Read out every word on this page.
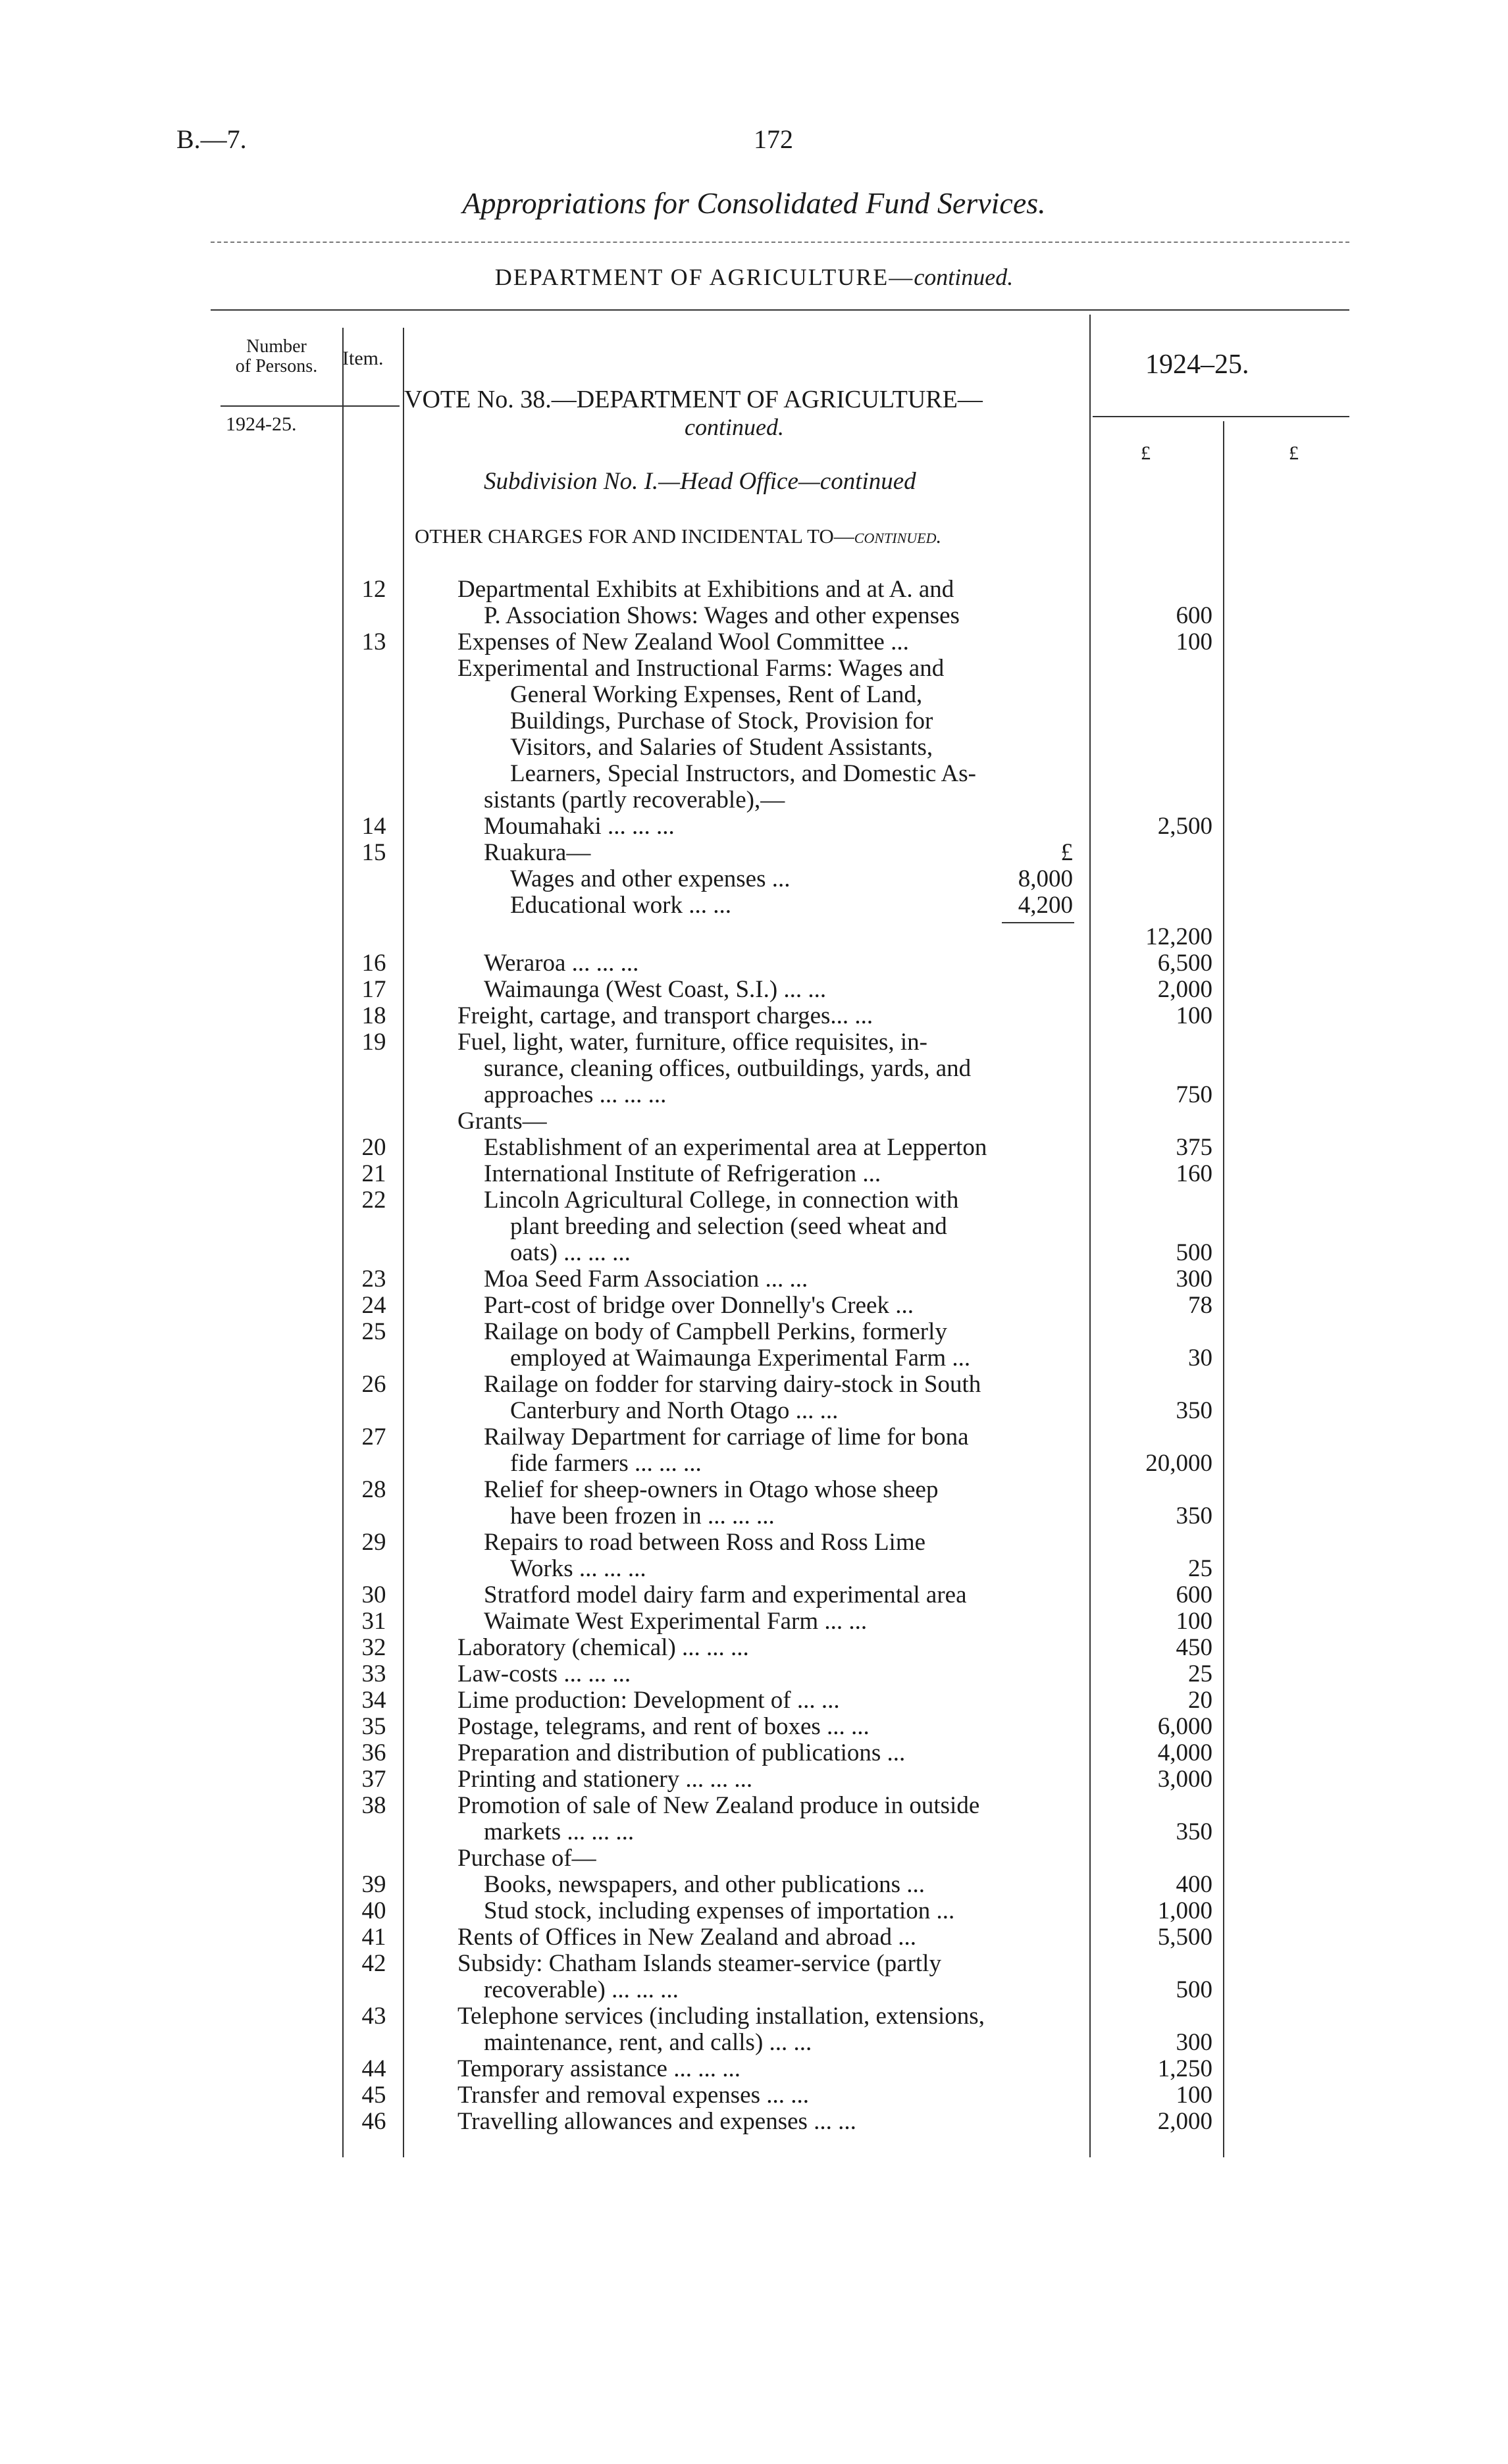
B.—7.	172
Appropriations for Consolidated Fund Services.
DEPARTMENT OF AGRICULTURE—continued.
Number
of Persons.	Item.	1924–25.
1924-25.
£	£
VOTE No. 38.—DEPARTMENT OF AGRICULTURE—
continued.
Subdivision No. I.—Head Office—continued
OTHER CHARGES FOR AND INCIDENTAL TO—continued.
12	Departmental Exhibits at Exhibitions and at A. and
P. Association Shows: Wages and other expenses	600
13	Expenses of New Zealand Wool Committee ...	100
Experimental and Instructional Farms: Wages and
General Working Expenses, Rent of Land,
Buildings, Purchase of Stock, Provision for
Visitors, and Salaries of Student Assistants,
Learners, Special Instructors, and Domestic As-
sistants (partly recoverable),—
14	Moumahaki ... ... ...	2,500
15	Ruakura—	£
Wages and other expenses ...	8,000
Educational work ... ...	4,200
12,200
16	Weraroa ... ... ...	6,500
17	Waimaunga (West Coast, S.I.) ... ...	2,000
18	Freight, cartage, and transport charges... ...	100
19	Fuel, light, water, furniture, office requisites, in-
surance, cleaning offices, outbuildings, yards, and
approaches ... ... ...	750
Grants—
20	Establishment of an experimental area at Lepperton	375
21	International Institute of Refrigeration ...	160
22	Lincoln Agricultural College, in connection with
plant breeding and selection (seed wheat and
oats) ... ... ...	500
23	Moa Seed Farm Association ... ...	300
24	Part-cost of bridge over Donnelly's Creek ...	78
25	Railage on body of Campbell Perkins, formerly
employed at Waimaunga Experimental Farm ...	30
26	Railage on fodder for starving dairy-stock in South
Canterbury and North Otago ... ...	350
27	Railway Department for carriage of lime for bona
fide farmers ... ... ...	20,000
28	Relief for sheep-owners in Otago whose sheep
have been frozen in ... ... ...	350
29	Repairs to road between Ross and Ross Lime
Works ... ... ...	25
30	Stratford model dairy farm and experimental area	600
31	Waimate West Experimental Farm ... ...	100
32	Laboratory (chemical) ... ... ...	450
33	Law-costs ... ... ...	25
34	Lime production: Development of ... ...	20
35	Postage, telegrams, and rent of boxes ... ...	6,000
36	Preparation and distribution of publications ...	4,000
37	Printing and stationery ... ... ...	3,000
38	Promotion of sale of New Zealand produce in outside
markets ... ... ...	350
Purchase of—
39	Books, newspapers, and other publications ...	400
40	Stud stock, including expenses of importation ...	1,000
41	Rents of Offices in New Zealand and abroad ...	5,500
42	Subsidy: Chatham Islands steamer-service (partly
recoverable) ... ... ...	500
43	Telephone services (including installation, extensions,
maintenance, rent, and calls) ... ...	300
44	Temporary assistance ... ... ...	1,250
45	Transfer and removal expenses ... ...	100
46	Travelling allowances and expenses ... ...	2,000
